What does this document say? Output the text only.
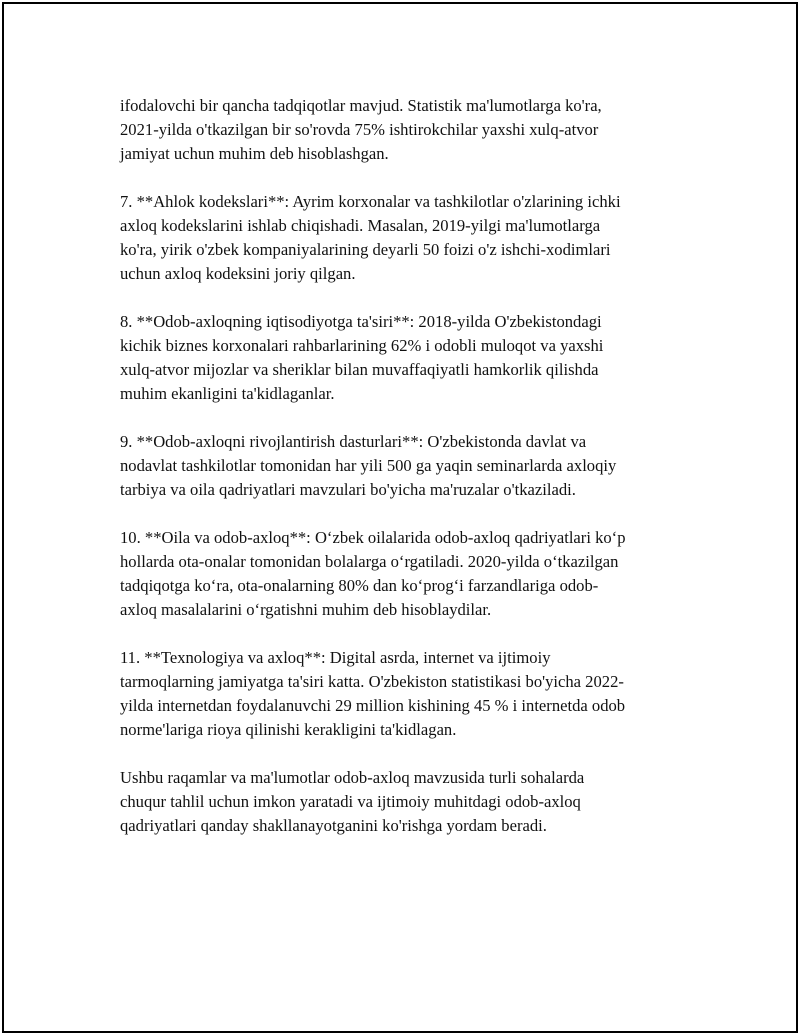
ifodalovchi bir qancha tadqiqotlar mavjud. Statistik ma'lumotlarga ko'ra,
2021-yilda o'tkazilgan bir so'rovda 75% ishtirokchilar yaxshi xulq-atvor
jamiyat uchun muhim deb hisoblashgan.

7. **Ahlok kodekslari**: Ayrim korxonalar va tashkilotlar o'zlarining ichki
axloq kodekslarini ishlab chiqishadi. Masalan, 2019-yilgi ma'lumotlarga
ko'ra, yirik o'zbek kompaniyalarining deyarli 50 foizi o'z ishchi-xodimlari
uchun axloq kodeksini joriy qilgan.

8. **Odob-axloqning iqtisodiyotga ta'siri**: 2018-yilda O'zbekistondagi
kichik biznes korxonalari rahbarlarining 62% i odobli muloqot va yaxshi
xulq-atvor mijozlar va sheriklar bilan muvaffaqiyatli hamkorlik qilishda
muhim ekanligini ta'kidlaganlar.

9. **Odob-axloqni rivojlantirish dasturlari**: O'zbekistonda davlat va
nodavlat tashkilotlar tomonidan har yili 500 ga yaqin seminarlarda axloqiy
tarbiya va oila qadriyatlari mavzulari bo'yicha ma'ruzalar o'tkaziladi.

10. **Oila va odob-axloq**: O‘zbek oilalarida odob-axloq qadriyatlari ko‘p
hollarda ota-onalar tomonidan bolalarga o‘rgatiladi. 2020-yilda o‘tkazilgan
tadqiqotga ko‘ra, ota-onalarning 80% dan ko‘prog‘i farzandlariga odob-
axloq masalalarini o‘rgatishni muhim deb hisoblaydilar.

11. **Texnologiya va axloq**: Digital asrda, internet va ijtimoiy
tarmoqlarning jamiyatga ta'siri katta. O'zbekiston statistikasi bo'yicha 2022-
yilda internetdan foydalanuvchi 29 million kishining 45 % i internetda odob
norme'lariga rioya qilinishi kerakligini ta'kidlagan.

Ushbu raqamlar va ma'lumotlar odob-axloq mavzusida turli sohalarda
chuqur tahlil uchun imkon yaratadi va ijtimoiy muhitdagi odob-axloq
qadriyatlari qanday shakllanayotganini ko'rishga yordam beradi.
